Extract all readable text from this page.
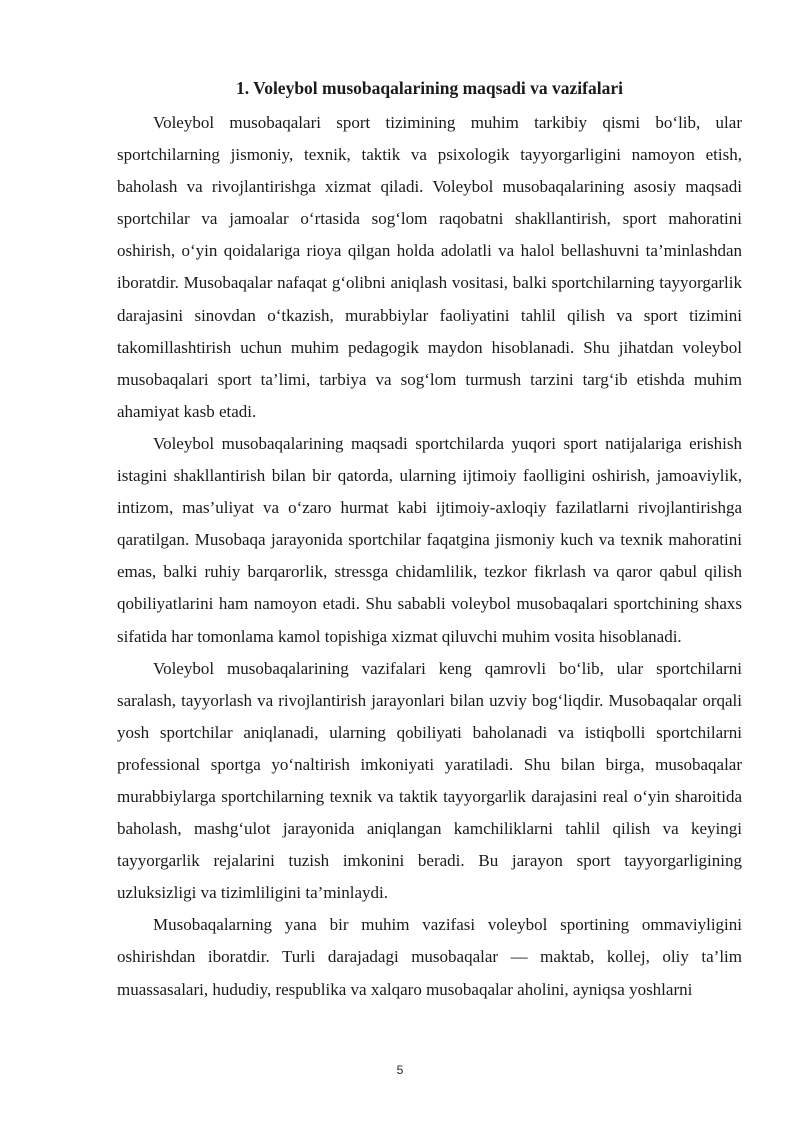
1. Voleybol musobaqalarining maqsadi va vazifalari

Voleybol musobaqalari sport tizimining muhim tarkibiy qismi bo‘lib, ular sportchilarning jismoniy, texnik, taktik va psixologik tayyorgarligini namoyon etish, baholash va rivojlantirishga xizmat qiladi. Voleybol musobaqalarining asosiy maqsadi sportchilar va jamoalar o‘rtasida sog‘lom raqobatni shakllantirish, sport mahoratini oshirish, o‘yin qoidalariga rioya qilgan holda adolatli va halol bellashuvni ta’minlashdan iboratdir. Musobaqalar nafaqat g‘olibni aniqlash vositasi, balki sportchilarning tayyorgarlik darajasini sinovdan o‘tkazish, murabbiylar faoliyatini tahlil qilish va sport tizimini takomillashtirish uchun muhim pedagogik maydon hisoblanadi. Shu jihatdan voleybol musobaqalari sport ta’limi, tarbiya va sog‘lom turmush tarzini targ‘ib etishda muhim ahamiyat kasb etadi.

Voleybol musobaqalarining maqsadi sportchilarda yuqori sport natijalariga erishish istagini shakllantirish bilan bir qatorda, ularning ijtimoiy faolligini oshirish, jamoaviylik, intizom, mas’uliyat va o‘zaro hurmat kabi ijtimoiy-axloqiy fazilatlarni rivojlantirishga qaratilgan. Musobaqa jarayonida sportchilar faqatgina jismoniy kuch va texnik mahoratini emas, balki ruhiy barqarorlik, stressga chidamlilik, tezkor fikrlash va qaror qabul qilish qobiliyatlarini ham namoyon etadi. Shu sababli voleybol musobaqalari sportchining shaxs sifatida har tomonlama kamol topishiga xizmat qiluvchi muhim vosita hisoblanadi.

Voleybol musobaqalarining vazifalari keng qamrovli bo‘lib, ular sportchilarni saralash, tayyorlash va rivojlantirish jarayonlari bilan uzviy bog‘liqdir. Musobaqalar orqali yosh sportchilar aniqlanadi, ularning qobiliyati baholanadi va istiqbolli sportchilarni professional sportga yo‘naltirish imkoniyati yaratiladi. Shu bilan birga, musobaqalar murabbiylarga sportchilarning texnik va taktik tayyorgarlik darajasini real o‘yin sharoitida baholash, mashg‘ulot jarayonida aniqlangan kamchiliklarni tahlil qilish va keyingi tayyorgarlik rejalarini tuzish imkonini beradi. Bu jarayon sport tayyorgarligining uzluksizligi va tizimliligini ta’minlaydi.

Musobaqalarning yana bir muhim vazifasi voleybol sportining ommaviyligini oshirishdan iboratdir. Turli darajadagi musobaqalar — maktab, kollej, oliy ta’lim muassasalari, hududiy, respublika va xalqaro musobaqalar aholini, ayniqsa yoshlarni

5
